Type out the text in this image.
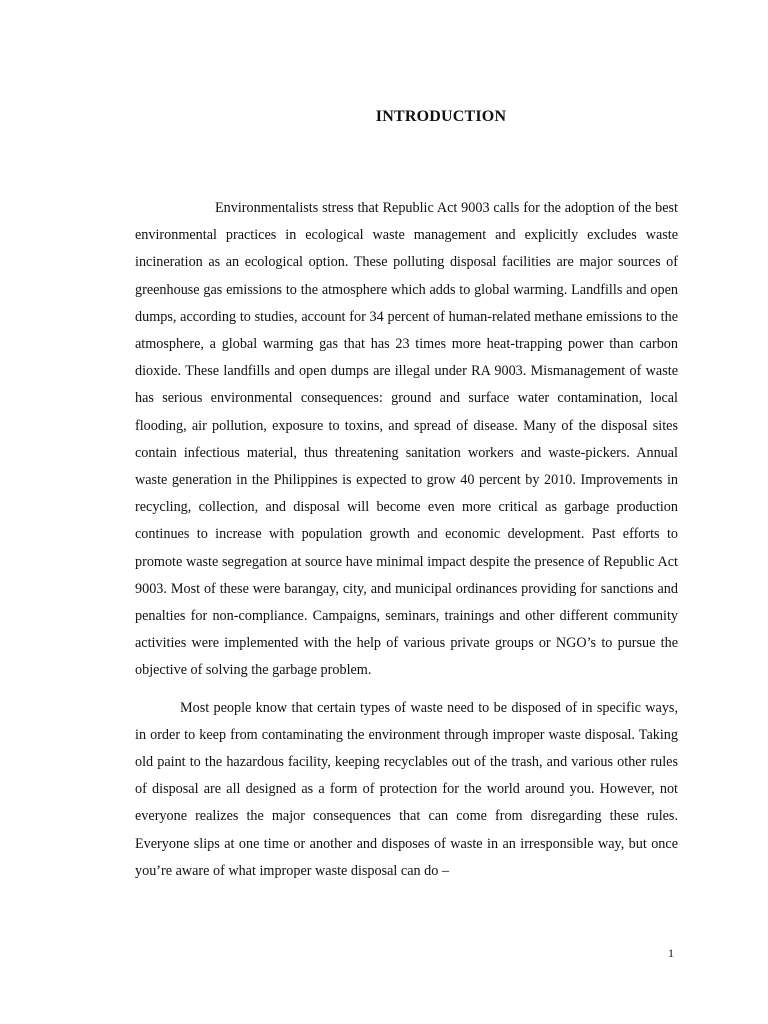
INTRODUCTION

Environmentalists stress that Republic Act 9003 calls for the adoption of the best environmental practices in ecological waste management and explicitly excludes waste incineration as an ecological option. These polluting disposal facilities are major sources of greenhouse gas emissions to the atmosphere which adds to global warming. Landfills and open dumps, according to studies, account for 34 percent of human-related methane emissions to the atmosphere, a global warming gas that has 23 times more heat-trapping power than carbon dioxide. These landfills and open dumps are illegal under RA 9003. Mismanagement of waste has serious environmental consequences: ground and surface water contamination, local flooding, air pollution, exposure to toxins, and spread of disease. Many of the disposal sites contain infectious material, thus threatening sanitation workers and waste-pickers. Annual waste generation in the Philippines is expected to grow 40 percent by 2010. Improvements in recycling, collection, and disposal will become even more critical as garbage production continues to increase with population growth and economic development. Past efforts to promote waste segregation at source have minimal impact despite the presence of Republic Act 9003. Most of these were barangay, city, and municipal ordinances providing for sanctions and penalties for non-compliance. Campaigns, seminars, trainings and other different community activities were implemented with the help of various private groups or NGO’s to pursue the objective of solving the garbage problem.

Most people know that certain types of waste need to be disposed of in specific ways, in order to keep from contaminating the environment through improper waste disposal. Taking old paint to the hazardous facility, keeping recyclables out of the trash, and various other rules of disposal are all designed as a form of protection for the world around you. However, not everyone realizes the major consequences that can come from disregarding these rules. Everyone slips at one time or another and disposes of waste in an irresponsible way, but once you’re aware of what improper waste disposal can do –

1
